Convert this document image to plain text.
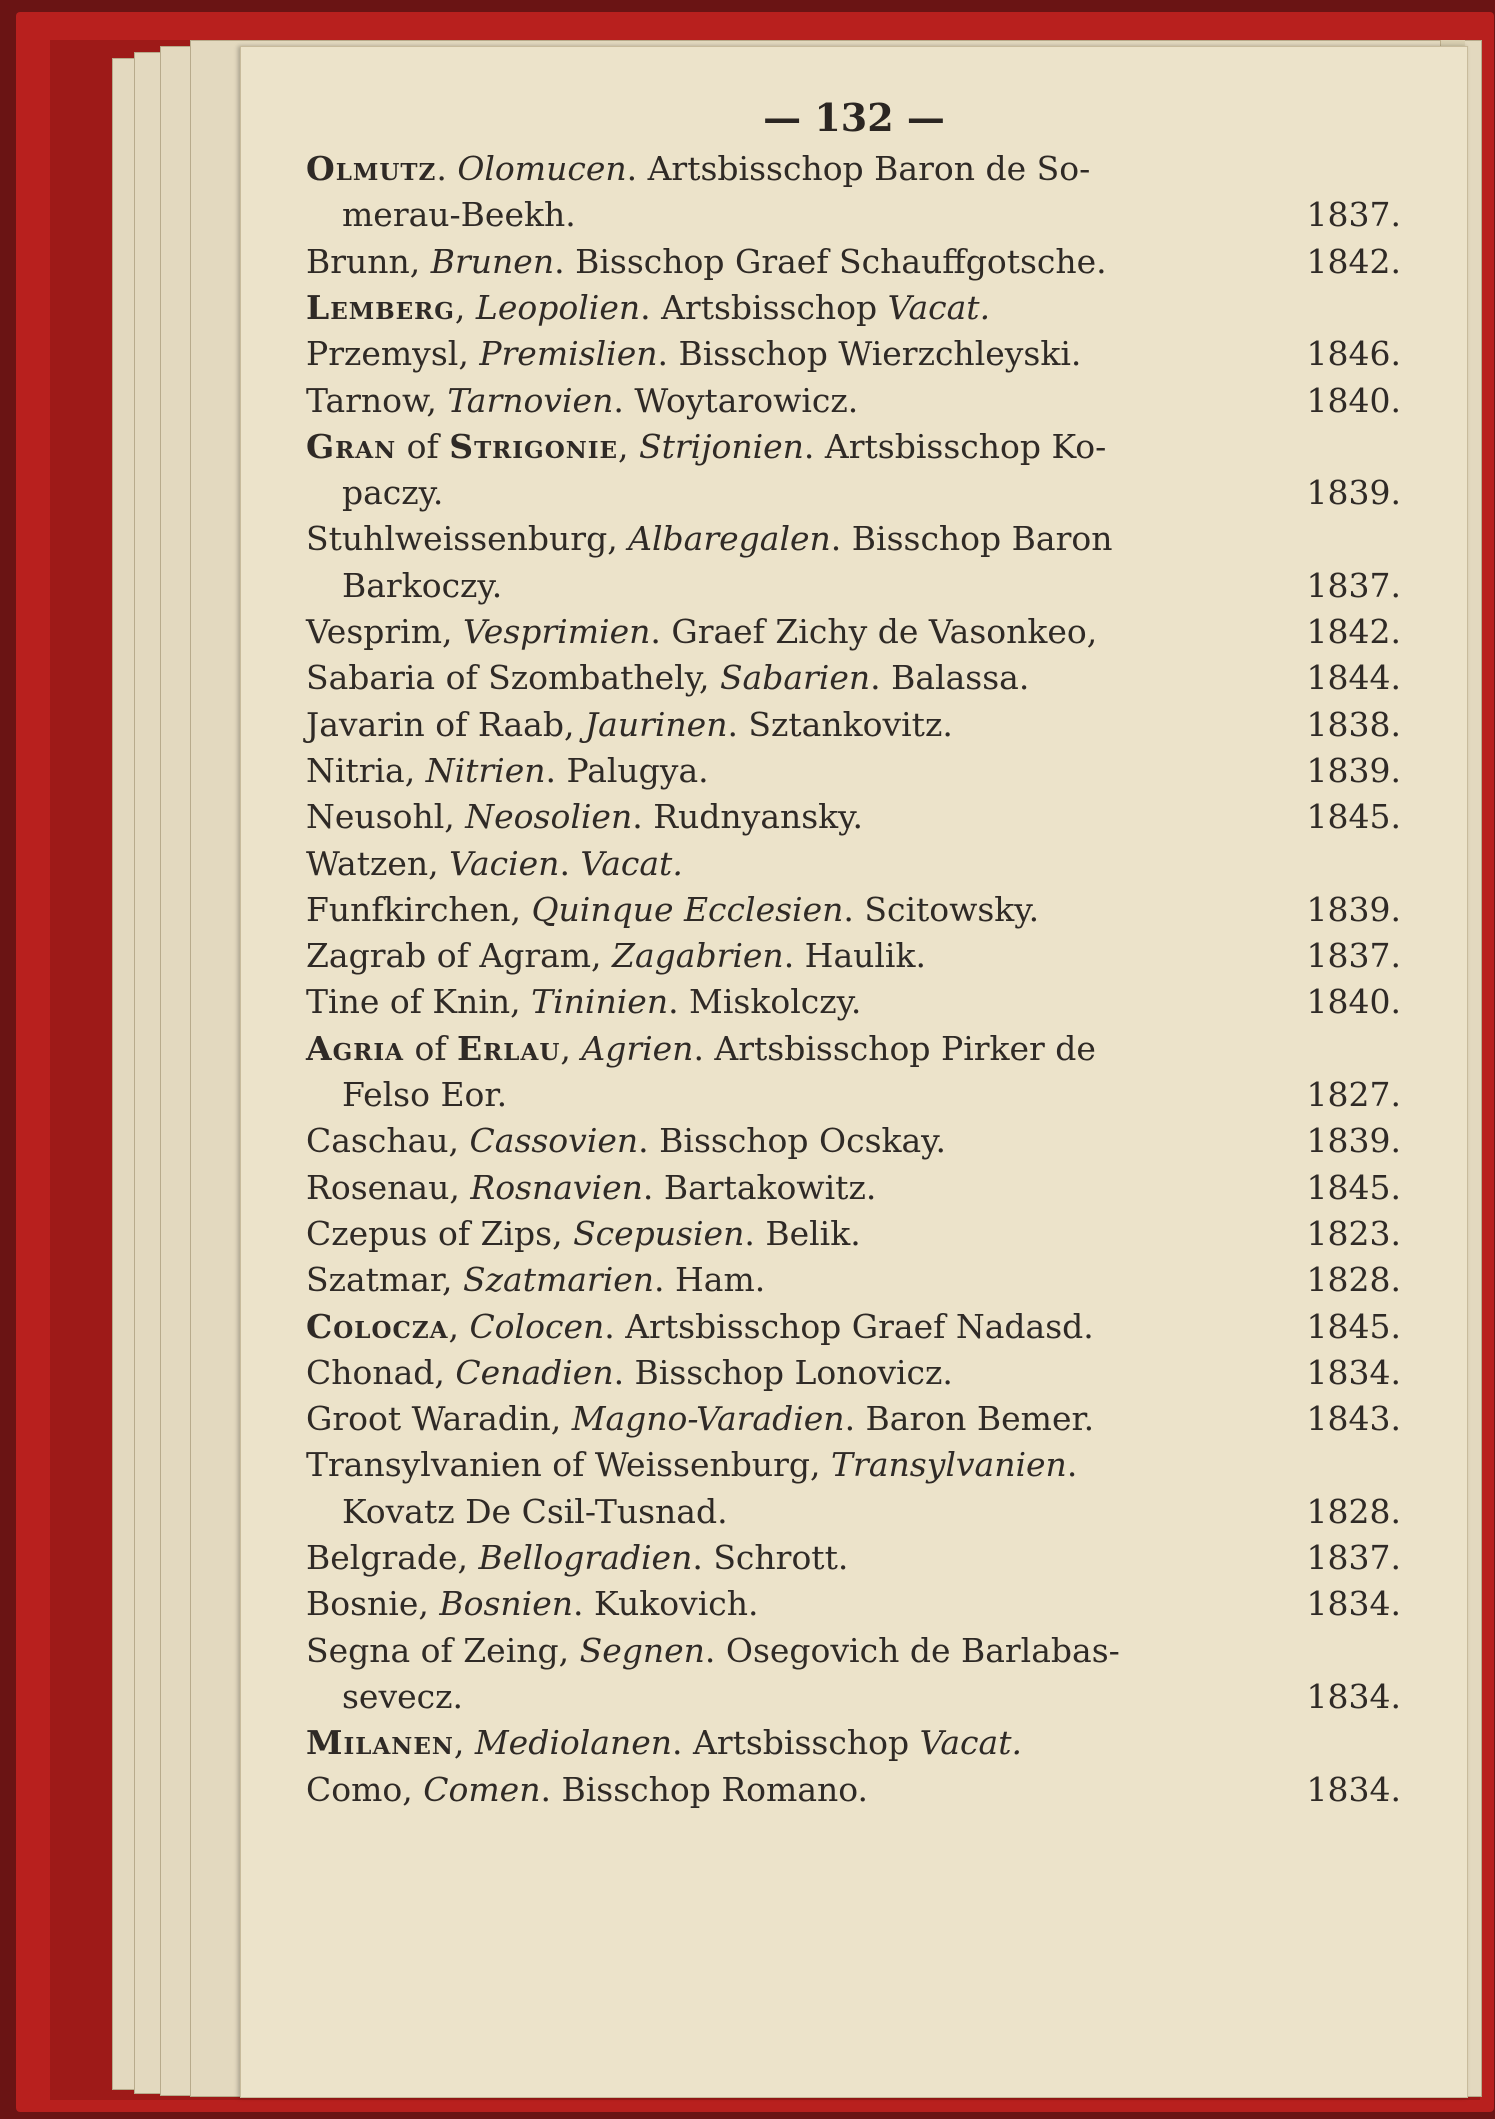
— 132 —
Olmutz. Olomucen. Artsbisschop Baron de So-
merau-Beekh.	1837.
Brunn, Brunen. Bisschop Graef Schauffgotsche.	1842.
Lemberg, Leopolien. Artsbisschop Vacat.
Przemysl, Premislien. Bisschop Wierzchleyski.	1846.
Tarnow, Tarnovien. Woytarowicz.	1840.
Gran of Strigonie, Strijonien. Artsbisschop Ko-
paczy.	1839.
Stuhlweissenburg, Albaregalen. Bisschop Baron
Barkoczy.	1837.
Vesprim, Vesprimien. Graef Zichy de Vasonkeo,	1842.
Sabaria of Szombathely, Sabarien. Balassa.	1844.
Javarin of Raab, Jaurinen. Sztankovitz.	1838.
Nitria, Nitrien. Palugya.	1839.
Neusohl, Neosolien. Rudnyansky.	1845.
Watzen, Vacien. Vacat.
Funfkirchen, Quinque Ecclesien. Scitowsky.	1839.
Zagrab of Agram, Zagabrien. Haulik.	1837.
Tine of Knin, Tininien. Miskolczy.	1840.
Agria of Erlau, Agrien. Artsbisschop Pirker de
Felso Eor.	1827.
Caschau, Cassovien. Bisschop Ocskay.	1839.
Rosenau, Rosnavien. Bartakowitz.	1845.
Czepus of Zips, Scepusien. Belik.	1823.
Szatmar, Szatmarien. Ham.	1828.
Colocza, Colocen. Artsbisschop Graef Nadasd.	1845.
Chonad, Cenadien. Bisschop Lonovicz.	1834.
Groot Waradin, Magno-Varadien. Baron Bemer.	1843.
Transylvanien of Weissenburg, Transylvanien.
Kovatz De Csil-Tusnad.	1828.
Belgrade, Bellogradien. Schrott.	1837.
Bosnie, Bosnien. Kukovich.	1834.
Segna of Zeing, Segnen. Osegovich de Barlabas-
sevecz.	1834.
Milanen, Mediolanen. Artsbisschop Vacat.
Como, Comen. Bisschop Romano.	1834.
